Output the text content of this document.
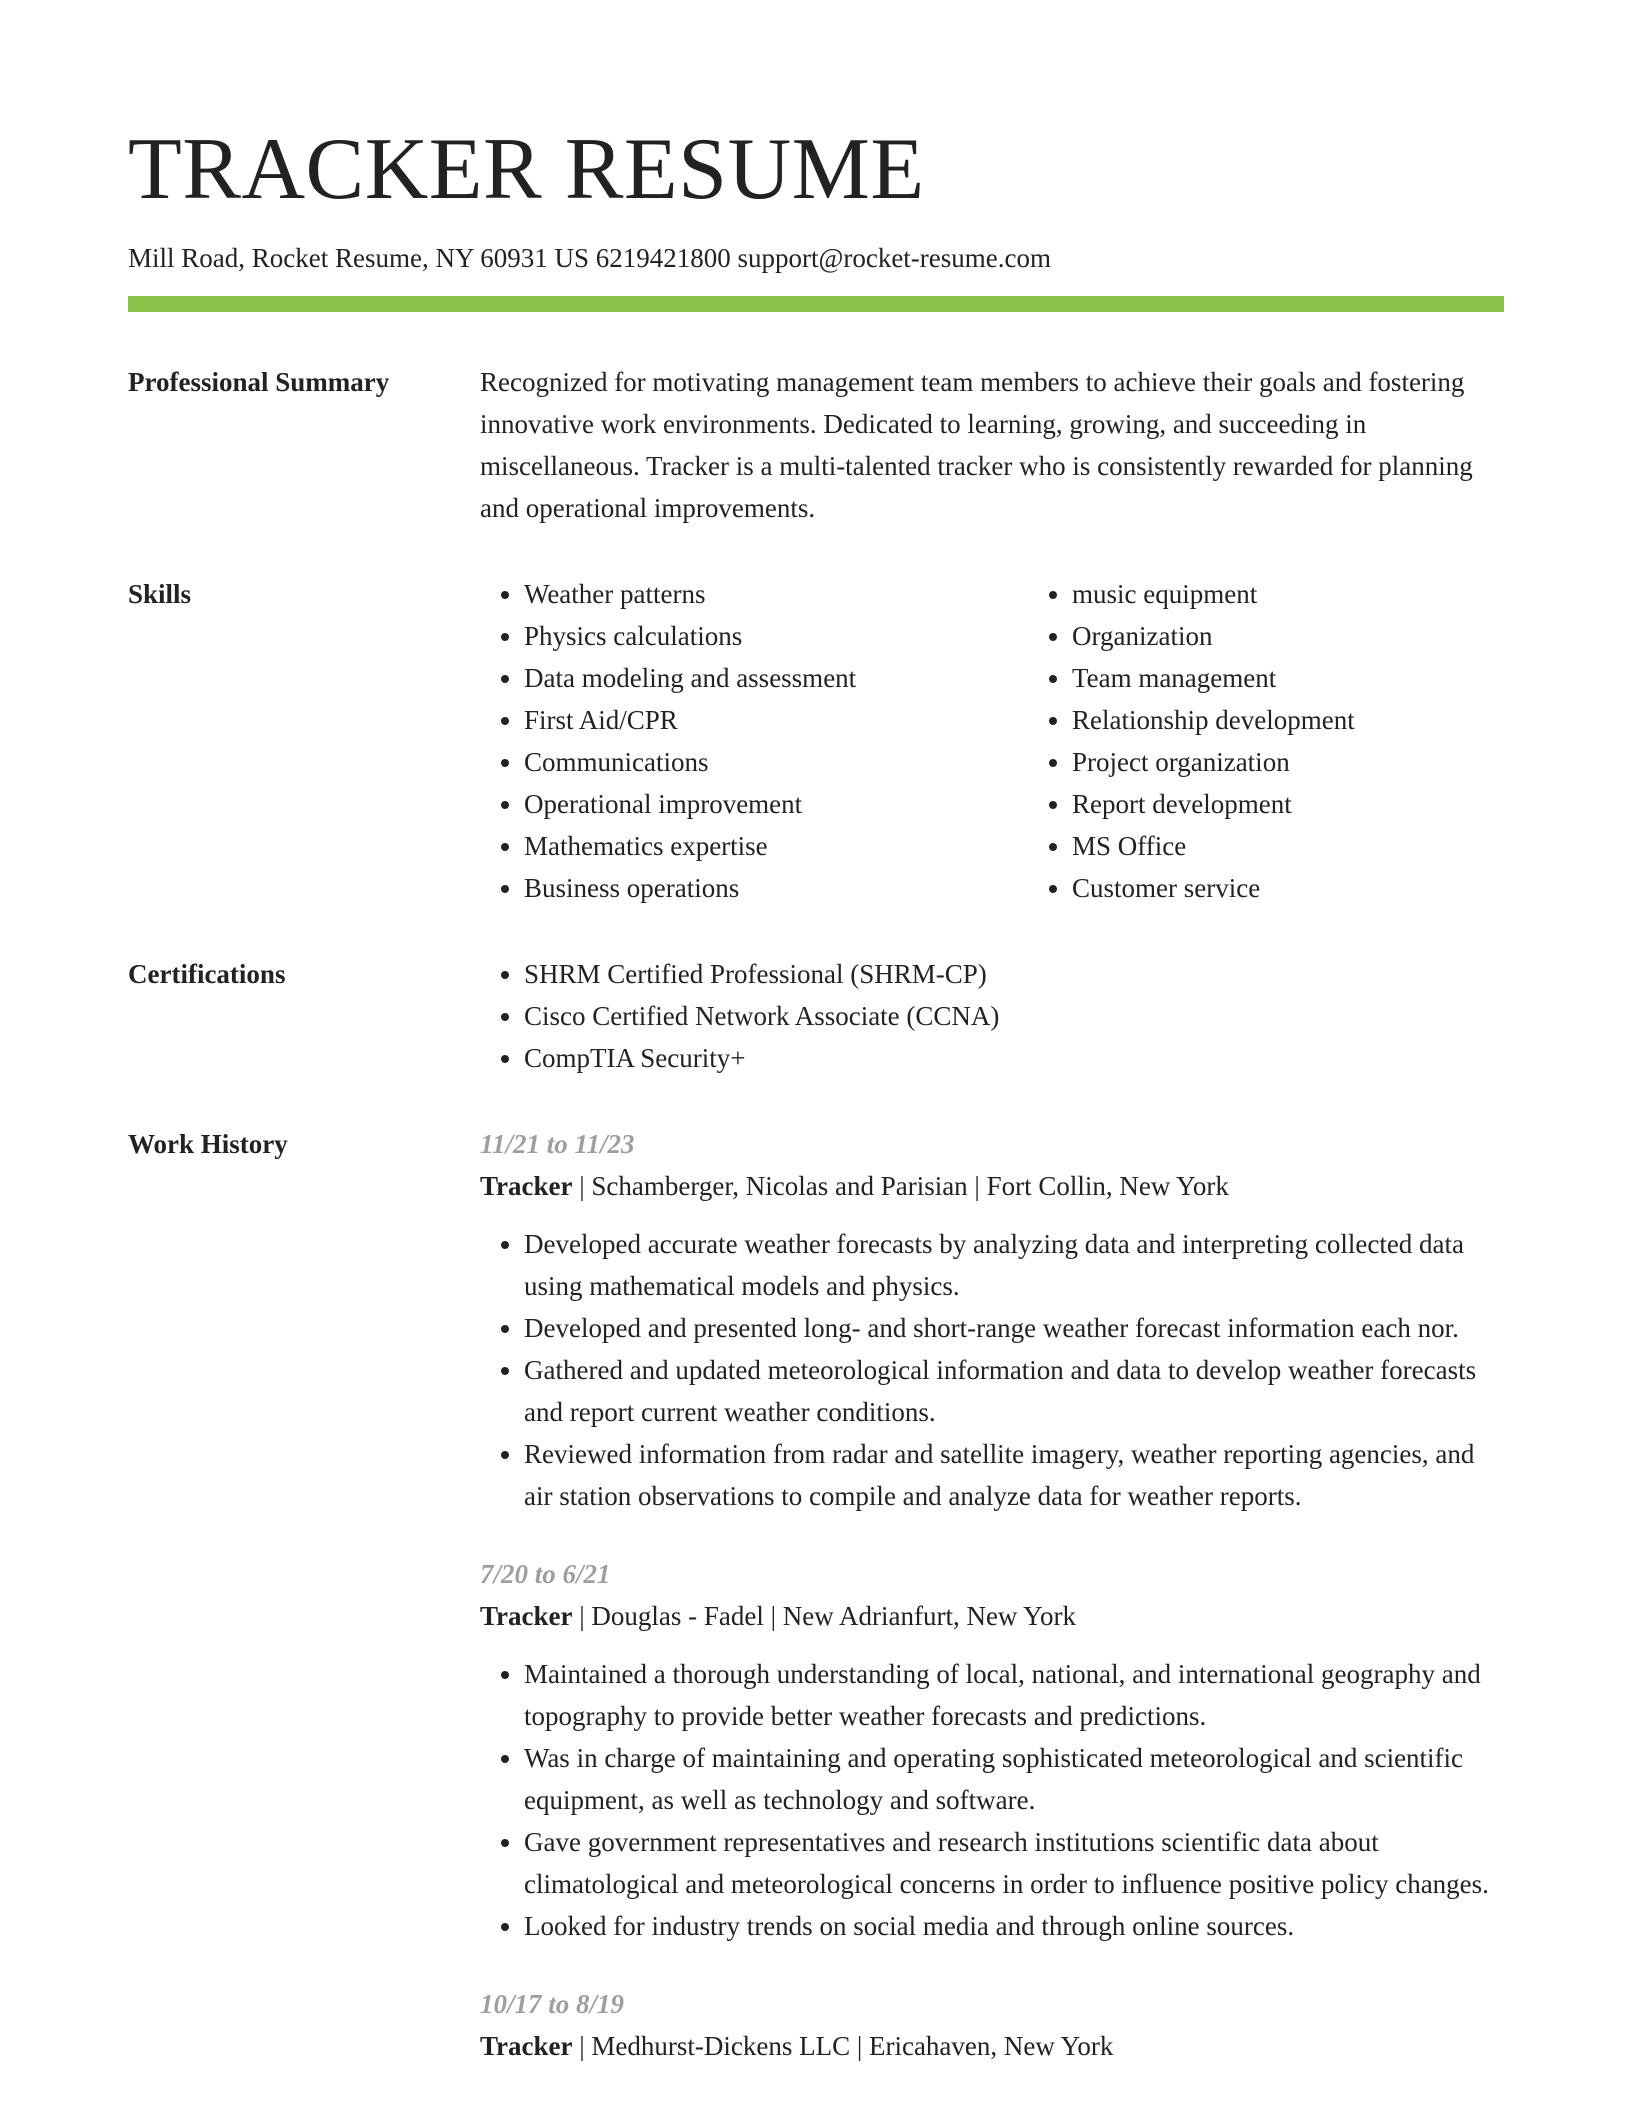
TRACKER RESUME
Mill Road, Rocket Resume, NY 60931 US 6219421800 support@rocket-resume.com
Professional Summary	Recognized for motivating management team members to achieve their goals and fostering innovative work environments. Dedicated to learning, growing, and succeeding in miscellaneous. Tracker is a multi-talented tracker who is consistently rewarded for planning and operational improvements.

Skills	• Weather patterns
• Physics calculations
• Data modeling and assessment
• First Aid/CPR
• Communications
• Operational improvement
• Mathematics expertise
• Business operations
• music equipment
• Organization
• Team management
• Relationship development
• Project organization
• Report development
• MS Office
• Customer service
Certifications	• SHRM Certified Professional (SHRM-CP)
• Cisco Certified Network Associate (CCNA)
• CompTIA Security+
Work History	11/21 to 11/23
Tracker | Schamberger, Nicolas and Parisian | Fort Collin, New York
• Developed accurate weather forecasts by analyzing data and interpreting collected data using mathematical models and physics.
• Developed and presented long- and short-range weather forecast information each nor.
• Gathered and updated meteorological information and data to develop weather forecasts and report current weather conditions.
• Reviewed information from radar and satellite imagery, weather reporting agencies, and air station observations to compile and analyze data for weather reports.
7/20 to 6/21
Tracker | Douglas - Fadel | New Adrianfurt, New York
• Maintained a thorough understanding of local, national, and international geography and topography to provide better weather forecasts and predictions.
• Was in charge of maintaining and operating sophisticated meteorological and scientific equipment, as well as technology and software.
• Gave government representatives and research institutions scientific data about climatological and meteorological concerns in order to influence positive policy changes.
• Looked for industry trends on social media and through online sources.
10/17 to 8/19
Tracker | Medhurst-Dickens LLC | Ericahaven, New York
